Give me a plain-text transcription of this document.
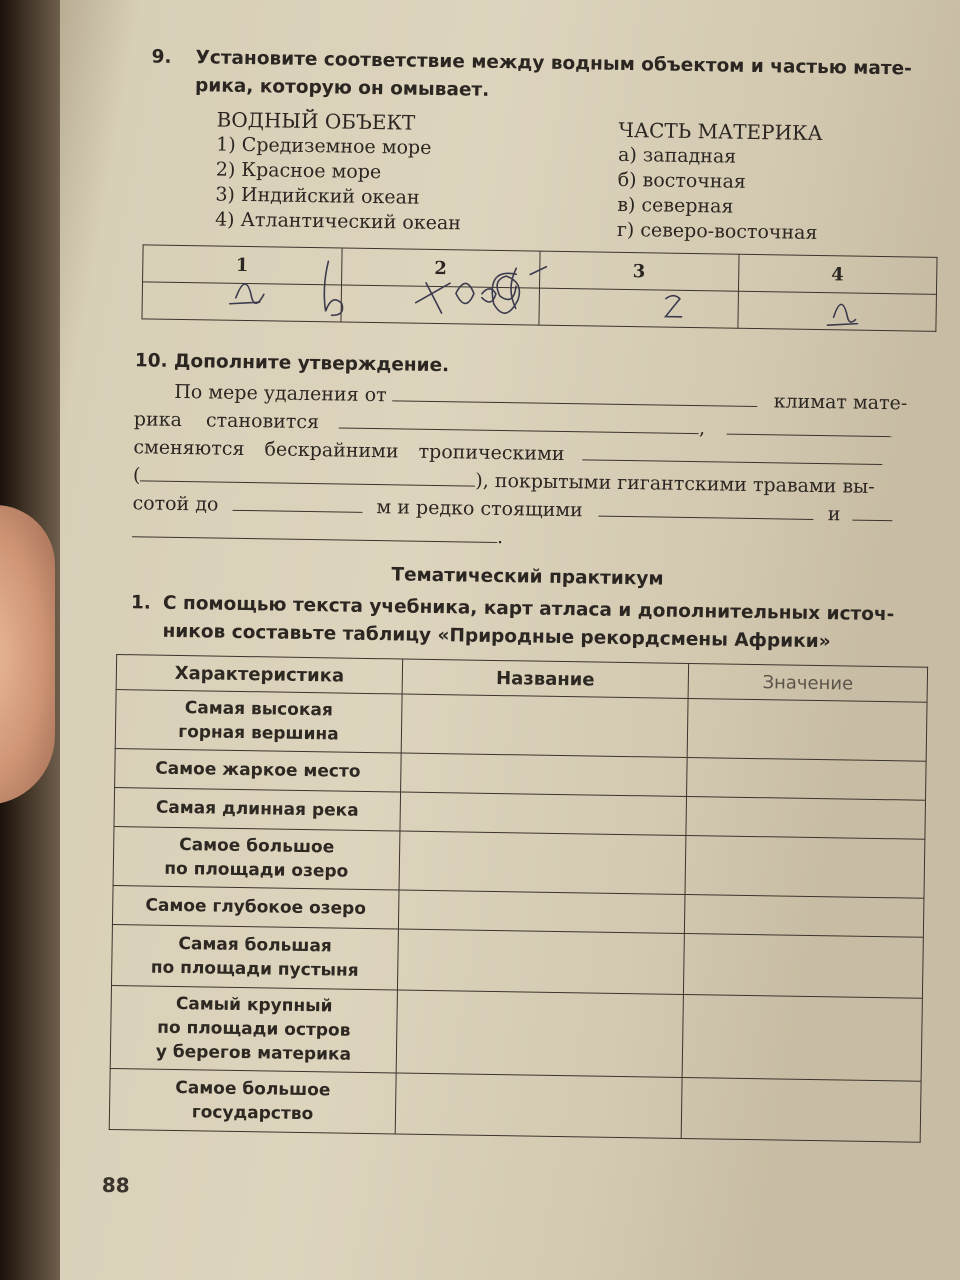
9. Установите соответствие между водным объектом и частью мате-
рика, которую он омывает.
ВОДНЫЙ ОБЪЕКТ
1) Средиземное море
2) Красное море
3) Индийский океан
4) Атлантический океан
ЧАСТЬ МАТЕРИКА
а) западная
б) восточная
в) северная
г) северо-восточная
1	2	3	4

10. Дополните утверждение.
По мере удаления от	климат мате-
рика становится	,
сменяются бескрайними тропическими
(	), покрытыми гигантскими травами вы-
сотой до	м и редко стоящими	и
.
Тематический практикум
1. С помощью текста учебника, карт атласа и дополнительных источ-
ников составьте таблицу «Природные рекордсмены Африки»
Характеристика	Название	Значение

Самая высокая
горная вершина		

Самое жаркое место		

Самая длинная река		

Самое большое
по площади озеро		

Самое глубокое озеро		

Самая большая
по площади пустыня		

Самый крупный
по площади остров
у берегов материка		

Самое большое
государство		

88
